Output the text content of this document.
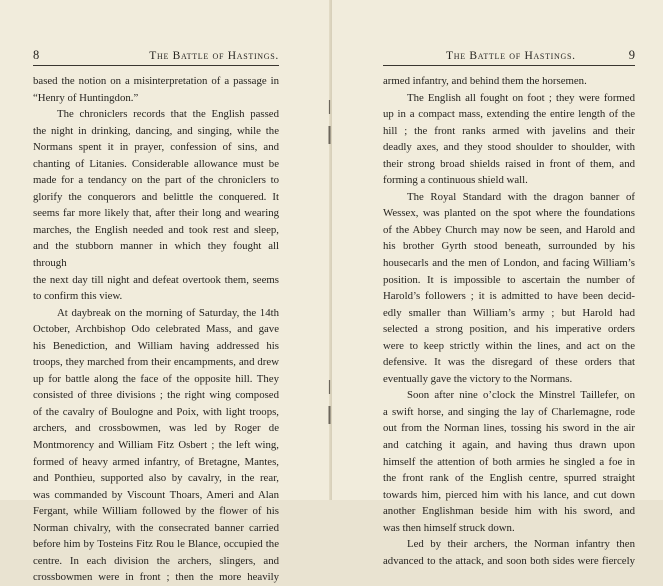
8	The Battle of Hastings.
based the notion on a misinterpretation of a passage in
“Henry of Huntingdon.”
The chroniclers records that the English passed
the night in drinking, dancing, and singing, while the
Normans spent it in prayer, confession of sins, and
chanting of Litanies. Considerable allowance must be
made for a tendancy on the part of the chroniclers to
glorify the conquerors and belittle the conquered. It
seems far more likely that, after their long and wearing
marches, the English needed and took rest and sleep,
and the stubborn manner in which they fought all through
the next day till night and defeat overtook them, seems
to confirm this view.
At daybreak on the morning of Saturday, the 14th
October, Archbishop Odo celebrated Mass, and gave
his Benediction, and William having addressed his
troops, they marched from their encampments, and drew
up for battle along the face of the opposite hill. They
consisted of three divisions ; the right wing composed
of the cavalry of Boulogne and Poix, with light troops,
archers, and crossbowmen, was led by Roger de
Montmorency and William Fitz Osbert ; the left wing,
formed of heavy armed infantry, of Bretagne, Mantes,
and Ponthieu, supported also by cavalry, in the rear,
was commanded by Viscount Thoars, Ameri and Alan
Fergant, while William followed by the flower of his
Norman chivalry, with the consecrated banner carried
before him by Tosteins Fitz Rou le Blance, occupied the
centre. In each division the archers, slingers, and
crossbowmen were in front ; then the more heavily
The Battle of Hastings.	9
armed infantry, and behind them the horsemen.
The English all fought on foot ; they were formed
up in a compact mass, extending the entire length of the
hill ; the front ranks armed with javelins and their
deadly axes, and they stood shoulder to shoulder, with
their strong broad shields raised in front of them, and
forming a continuous shield wall.
The Royal Standard with the dragon banner of
Wessex, was planted on the spot where the foundations
of the Abbey Church may now be seen, and Harold and
his brother Gyrth stood beneath, surrounded by his
housecarls and the men of London, and facing William’s
position. It is impossible to ascertain the number of
Harold’s followers ; it is admitted to have been decid-
edly smaller than William’s army ; but Harold had
selected a strong position, and his imperative orders
were to keep strictly within the lines, and act on the
defensive. It was the disregard of these orders that
eventually gave the victory to the Normans.
Soon after nine o’clock the Minstrel Taillefer, on
a swift horse, and singing the lay of Charlemagne, rode
out from the Norman lines, tossing his sword in the air
and catching it again, and having thus drawn upon
himself the attention of both armies he singled a foe in
the front rank of the English centre, spurred straight
towards him, pierced him with his lance, and cut down
another Englishman beside him with his sword, and
was then himself struck down.
Led by their archers, the Norman infantry then
advanced to the attack, and soon both sides were fiercely
